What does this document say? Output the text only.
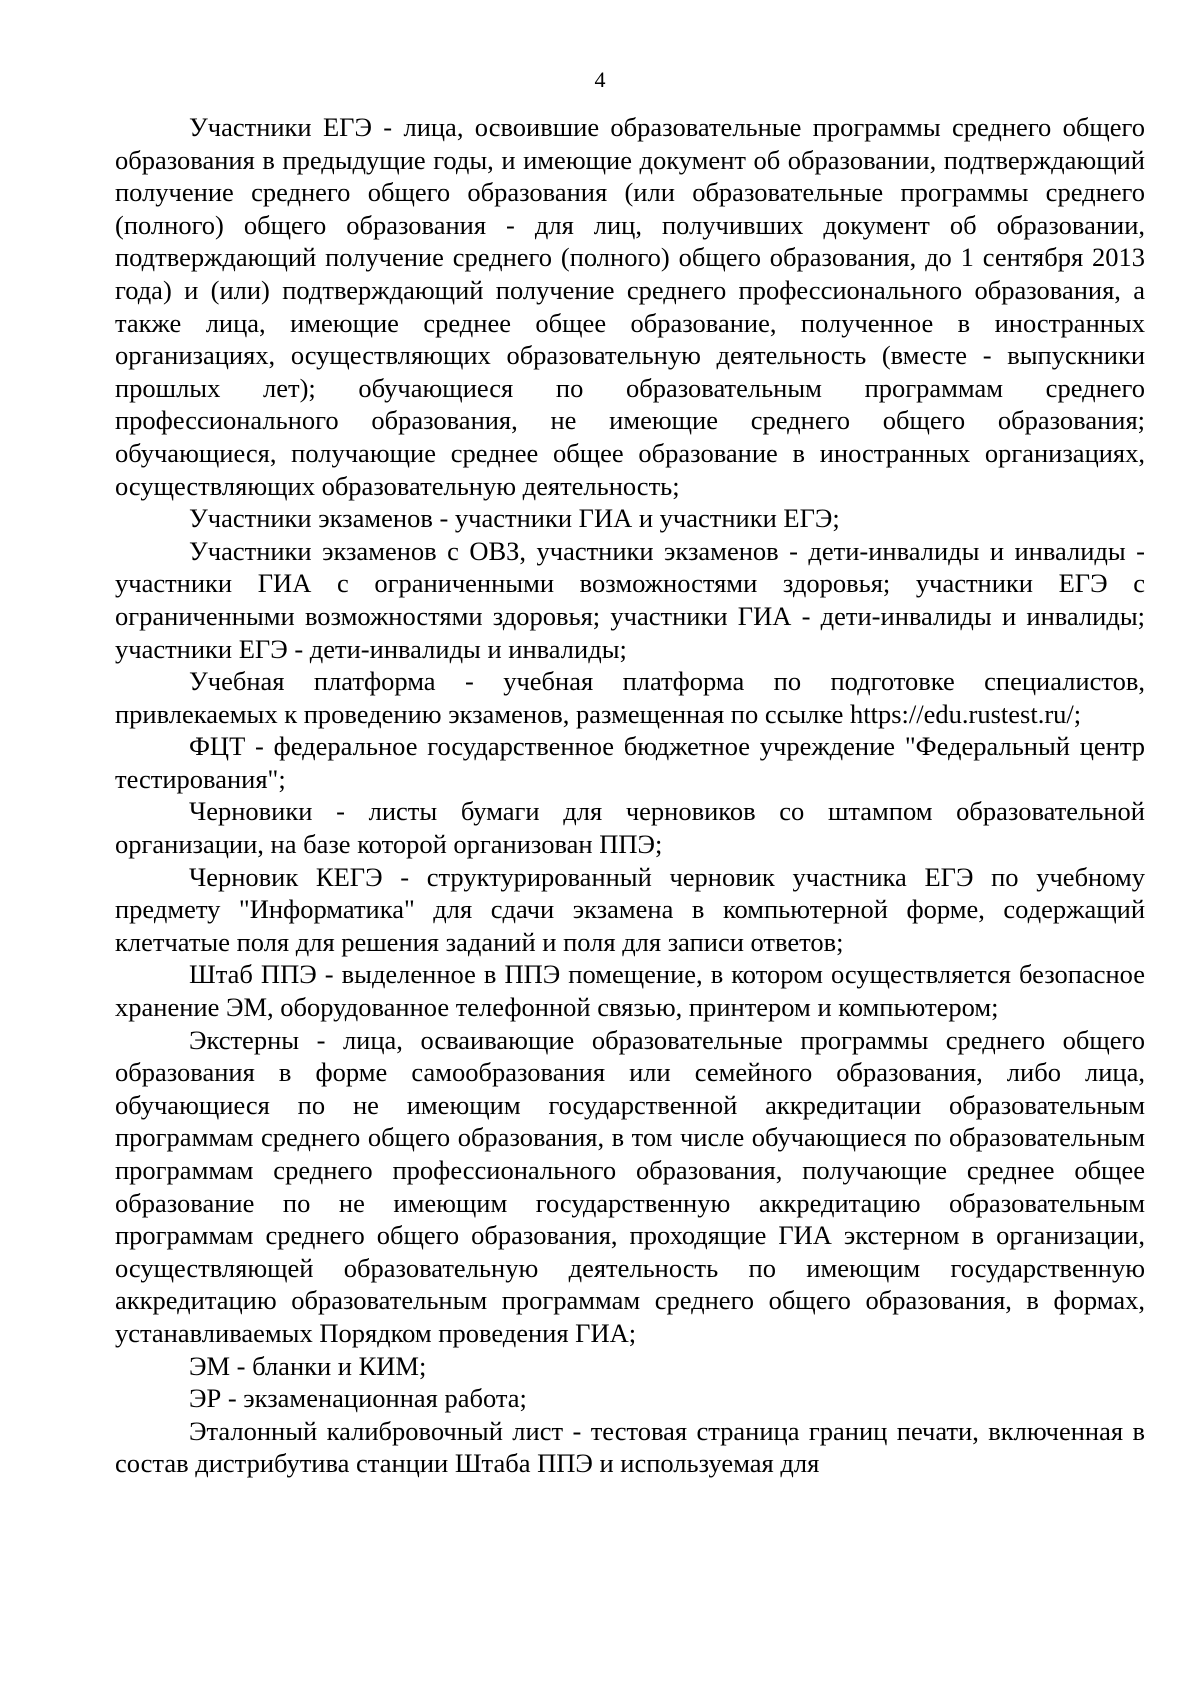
4

Участники ЕГЭ - лица, освоившие образовательные программы среднего общего образования в предыдущие годы, и имеющие документ об образовании, подтверждающий получение среднего общего образования (или образовательные программы среднего (полного) общего образования - для лиц, получивших документ об образовании, подтверждающий получение среднего (полного) общего образования, до 1 сентября 2013 года) и (или) подтверждающий получение среднего профессионального образования, а также лица, имеющие среднее общее образование, полученное в иностранных организациях, осуществляющих образовательную деятельность (вместе - выпускники прошлых лет); обучающиеся по образовательным программам среднего профессионального образования, не имеющие среднего общего образования; обучающиеся, получающие среднее общее образование в иностранных организациях, осуществляющих образовательную деятельность;

Участники экзаменов - участники ГИА и участники ЕГЭ;

Участники экзаменов с ОВЗ, участники экзаменов - дети-инвалиды и инвалиды - участники ГИА с ограниченными возможностями здоровья; участники ЕГЭ с ограниченными возможностями здоровья; участники ГИА - дети-инвалиды и инвалиды; участники ЕГЭ - дети-инвалиды и инвалиды;

Учебная платформа - учебная платформа по подготовке специалистов, привлекаемых к проведению экзаменов, размещенная по ссылке https://edu.rustest.ru/;

ФЦТ - федеральное государственное бюджетное учреждение "Федеральный центр тестирования";

Черновики - листы бумаги для черновиков со штампом образовательной организации, на базе которой организован ППЭ;

Черновик КЕГЭ - структурированный черновик участника ЕГЭ по учебному предмету "Информатика" для сдачи экзамена в компьютерной форме, содержащий клетчатые поля для решения заданий и поля для записи ответов;

Штаб ППЭ - выделенное в ППЭ помещение, в котором осуществляется безопасное хранение ЭМ, оборудованное телефонной связью, принтером и компьютером;

Экстерны - лица, осваивающие образовательные программы среднего общего образования в форме самообразования или семейного образования, либо лица, обучающиеся по не имеющим государственной аккредитации образовательным программам среднего общего образования, в том числе обучающиеся по образовательным программам среднего профессионального образования, получающие среднее общее образование по не имеющим государственную аккредитацию образовательным программам среднего общего образования, проходящие ГИА экстерном в организации, осуществляющей образовательную деятельность по имеющим государственную аккредитацию образовательным программам среднего общего образования, в формах, устанавливаемых Порядком проведения ГИА;

ЭМ - бланки и КИМ;

ЭР - экзаменационная работа;

Эталонный калибровочный лист - тестовая страница границ печати, включенная в состав дистрибутива станции Штаба ППЭ и используемая для
